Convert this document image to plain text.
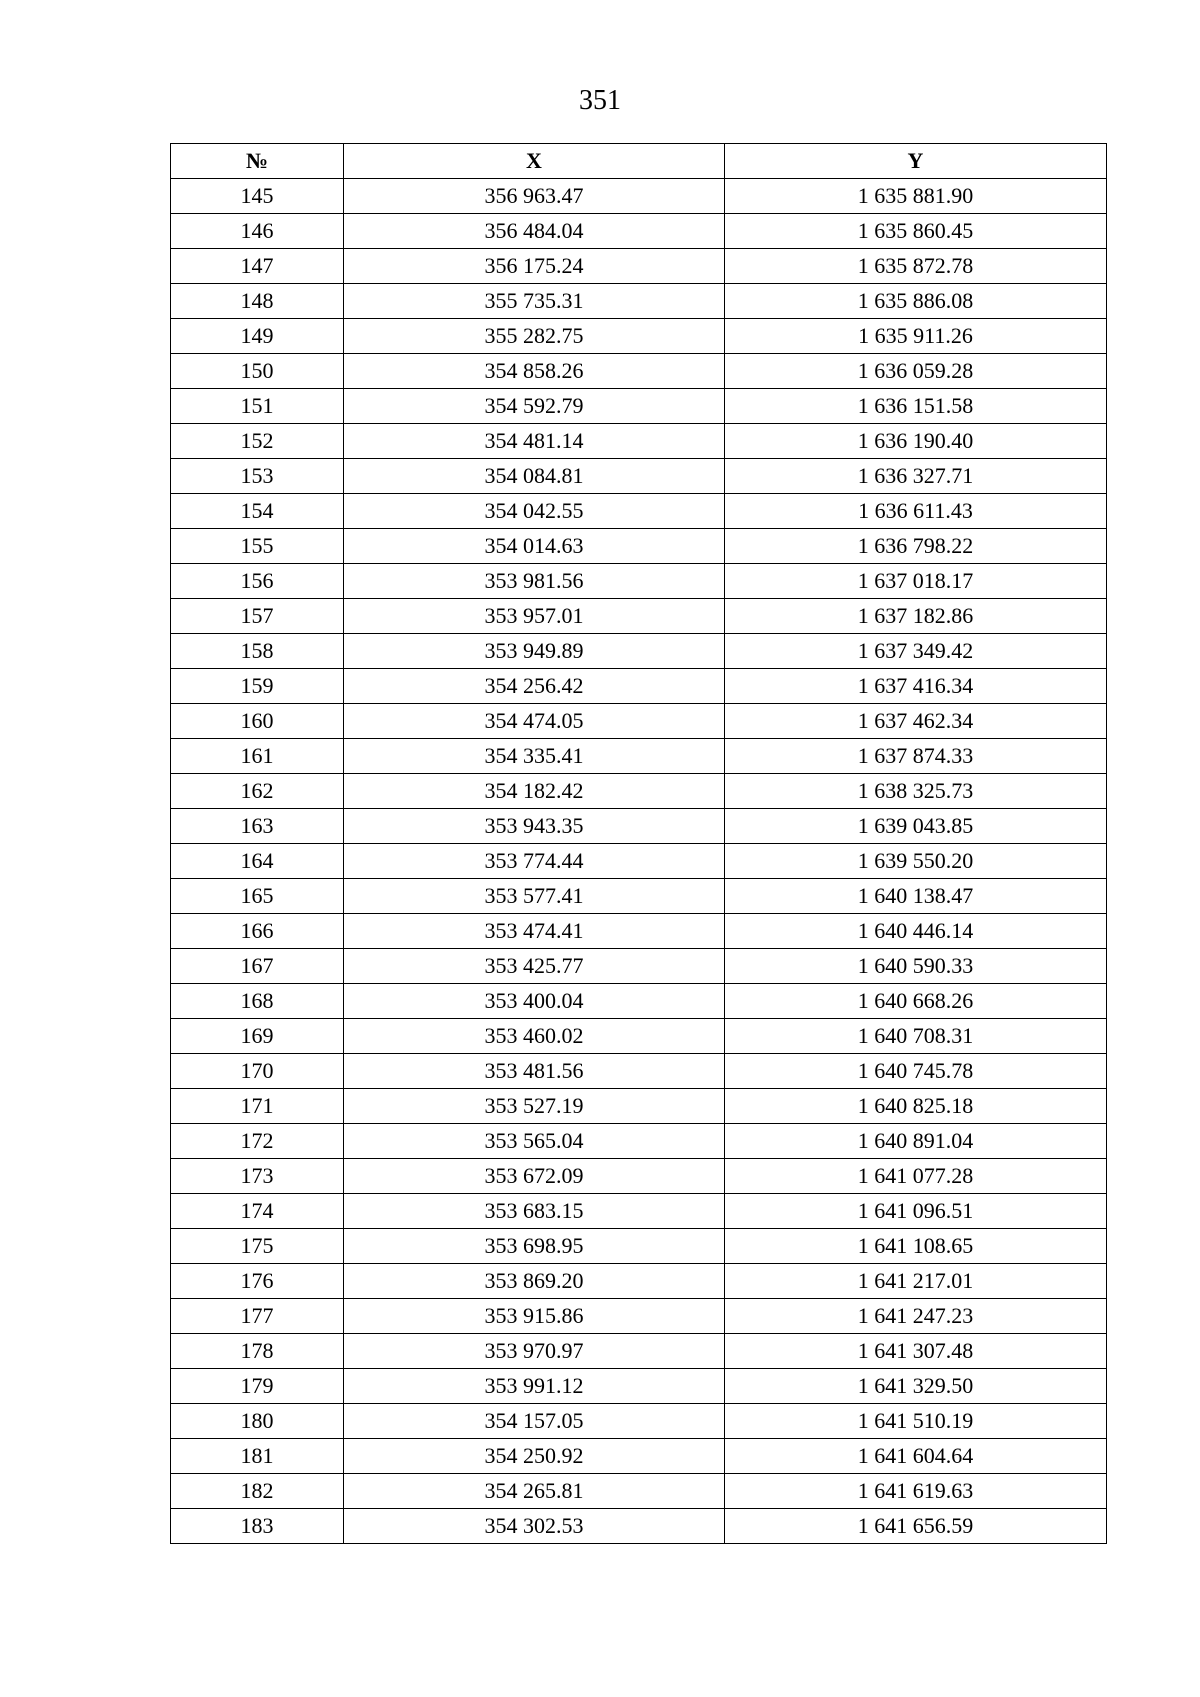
351
№	X	Y
145	356 963.47	1 635 881.90
146	356 484.04	1 635 860.45
147	356 175.24	1 635 872.78
148	355 735.31	1 635 886.08
149	355 282.75	1 635 911.26
150	354 858.26	1 636 059.28
151	354 592.79	1 636 151.58
152	354 481.14	1 636 190.40
153	354 084.81	1 636 327.71
154	354 042.55	1 636 611.43
155	354 014.63	1 636 798.22
156	353 981.56	1 637 018.17
157	353 957.01	1 637 182.86
158	353 949.89	1 637 349.42
159	354 256.42	1 637 416.34
160	354 474.05	1 637 462.34
161	354 335.41	1 637 874.33
162	354 182.42	1 638 325.73
163	353 943.35	1 639 043.85
164	353 774.44	1 639 550.20
165	353 577.41	1 640 138.47
166	353 474.41	1 640 446.14
167	353 425.77	1 640 590.33
168	353 400.04	1 640 668.26
169	353 460.02	1 640 708.31
170	353 481.56	1 640 745.78
171	353 527.19	1 640 825.18
172	353 565.04	1 640 891.04
173	353 672.09	1 641 077.28
174	353 683.15	1 641 096.51
175	353 698.95	1 641 108.65
176	353 869.20	1 641 217.01
177	353 915.86	1 641 247.23
178	353 970.97	1 641 307.48
179	353 991.12	1 641 329.50
180	354 157.05	1 641 510.19
181	354 250.92	1 641 604.64
182	354 265.81	1 641 619.63
183	354 302.53	1 641 656.59
